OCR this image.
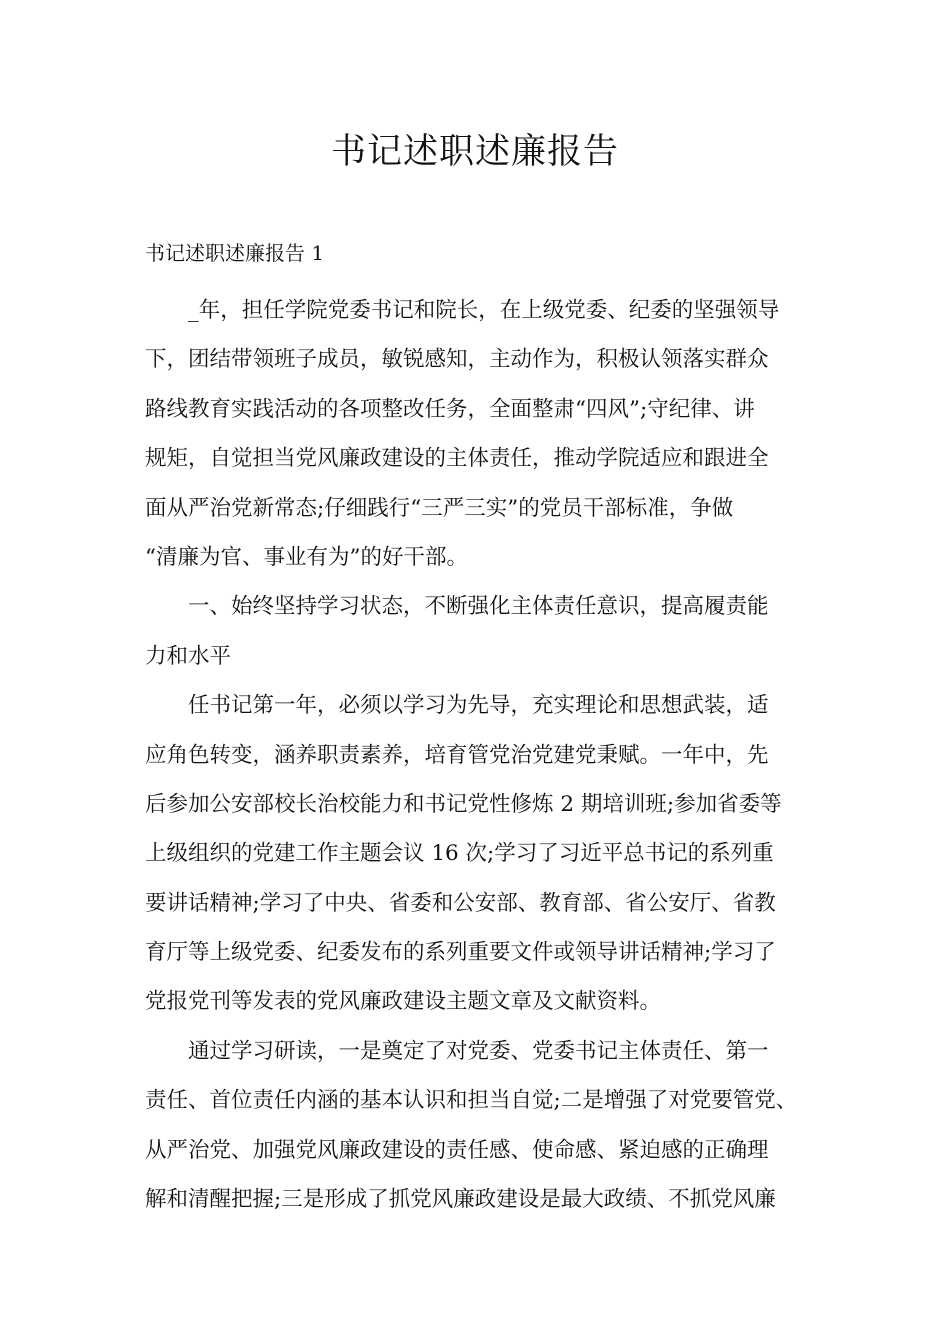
书记述职述廉报告

书记述职述廉报告 1

_年，担任学院党委书记和院长，在上级党委、纪委的坚强领导
下，团结带领班子成员，敏锐感知，主动作为，积极认领落实群众
路线教育实践活动的各项整改任务，全面整肃“四风”;守纪律、讲
规矩，自觉担当党风廉政建设的主体责任，推动学院适应和跟进全
面从严治党新常态;仔细践行“三严三实”的党员干部标准，争做
“清廉为官、事业有为”的好干部。
一、始终坚持学习状态，不断强化主体责任意识，提高履责能
力和水平
任书记第一年，必须以学习为先导，充实理论和思想武装，适
应角色转变，涵养职责素养，培育管党治党建党秉赋。一年中，先
后参加公安部校长治校能力和书记党性修炼 2 期培训班;参加省委等
上级组织的党建工作主题会议 16 次;学习了习近平总书记的系列重
要讲话精神;学习了中央、省委和公安部、教育部、省公安厅、省教
育厅等上级党委、纪委发布的系列重要文件或领导讲话精神;学习了
党报党刊等发表的党风廉政建设主题文章及文献资料。
通过学习研读，一是奠定了对党委、党委书记主体责任、第一
责任、首位责任内涵的基本认识和担当自觉;二是增强了对党要管党、
从严治党、加强党风廉政建设的责任感、使命感、紧迫感的正确理
解和清醒把握;三是形成了抓党风廉政建设是最大政绩、不抓党风廉
